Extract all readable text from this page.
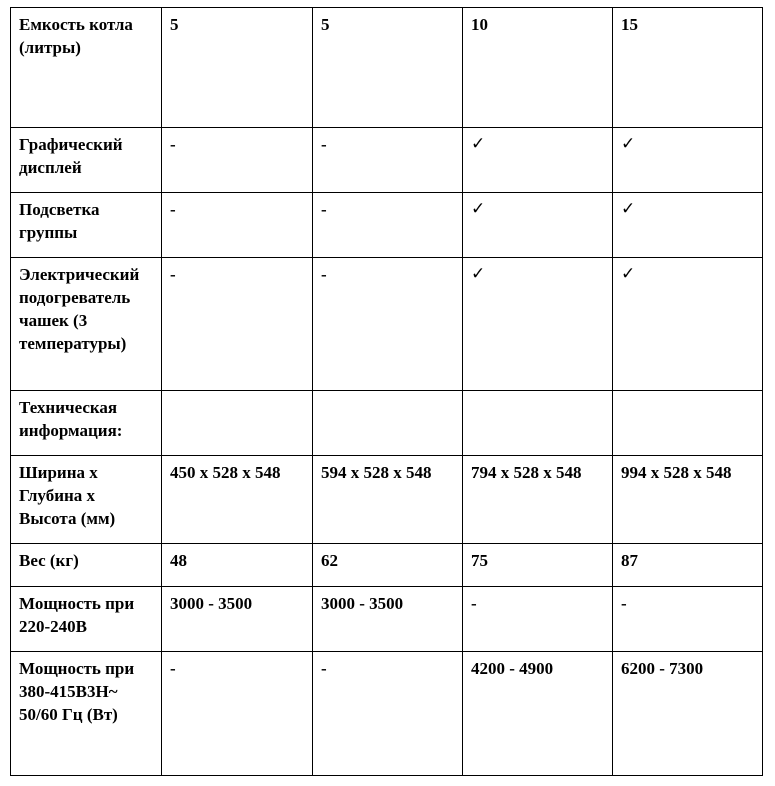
Емкость котла (литры)	5	5	10	15
Графический дисплей	-	-	✓	✓
Подсветка группы	-	-	✓	✓
Электрический подогреватель чашек (3 температуры)	-	-	✓	✓
Техническая информация:				
Ширина х Глубина х Высота (мм)	450 х 528 х 548	594 х 528 х 548	794 х 528 х 548	994 х 528 х 548
Вес (кг)	48	62	75	87
Мощность при 220-240В	3000 - 3500	3000 - 3500	-	-
Мощность при 380-415В3Н~ 50/60 Гц (Вт)	-	-	4200 - 4900	6200 - 7300
